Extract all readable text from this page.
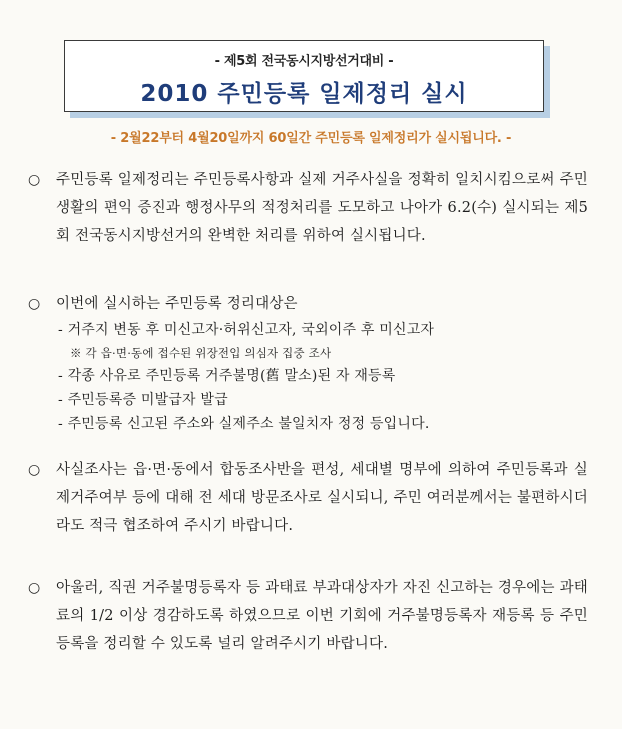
- 제5회 전국동시지방선거대비 -
2010 주민등록 일제정리 실시
- 2월22부터 4월20일까지 60일간 주민등록 일제정리가 실시됩니다. -
○ 주민등록 일제정리는 주민등록사항과 실제 거주사실을 정확히 일치시킴으로써 주민생활의 편익 증진과 행정사무의 적정처리를 도모하고 나아가 6.2(수) 실시되는 제5회 전국동시지방선거의 완벽한 처리를 위하여 실시됩니다.
○ 이번에 실시하는 주민등록 정리대상은
- 거주지 변동 후 미신고자·허위신고자, 국외이주 후 미신고자
※ 각 읍·면·동에 접수된 위장전입 의심자 집중 조사
- 각종 사유로 주민등록 거주불명(舊 말소)된 자 재등록
- 주민등록증 미발급자 발급
- 주민등록 신고된 주소와 실제주소 불일치자 정정 등입니다.
○ 사실조사는 읍·면·동에서 합동조사반을 편성, 세대별 명부에 의하여 주민등록과 실제거주여부 등에 대해 전 세대 방문조사로 실시되니, 주민 여러분께서는 불편하시더라도 적극 협조하여 주시기 바랍니다.
○ 아울러, 직권 거주불명등록자 등 과태료 부과대상자가 자진 신고하는 경우에는 과태료의 1/2 이상 경감하도록 하였으므로 이번 기회에 거주불명등록자 재등록 등 주민등록을 정리할 수 있도록 널리 알려주시기 바랍니다.
